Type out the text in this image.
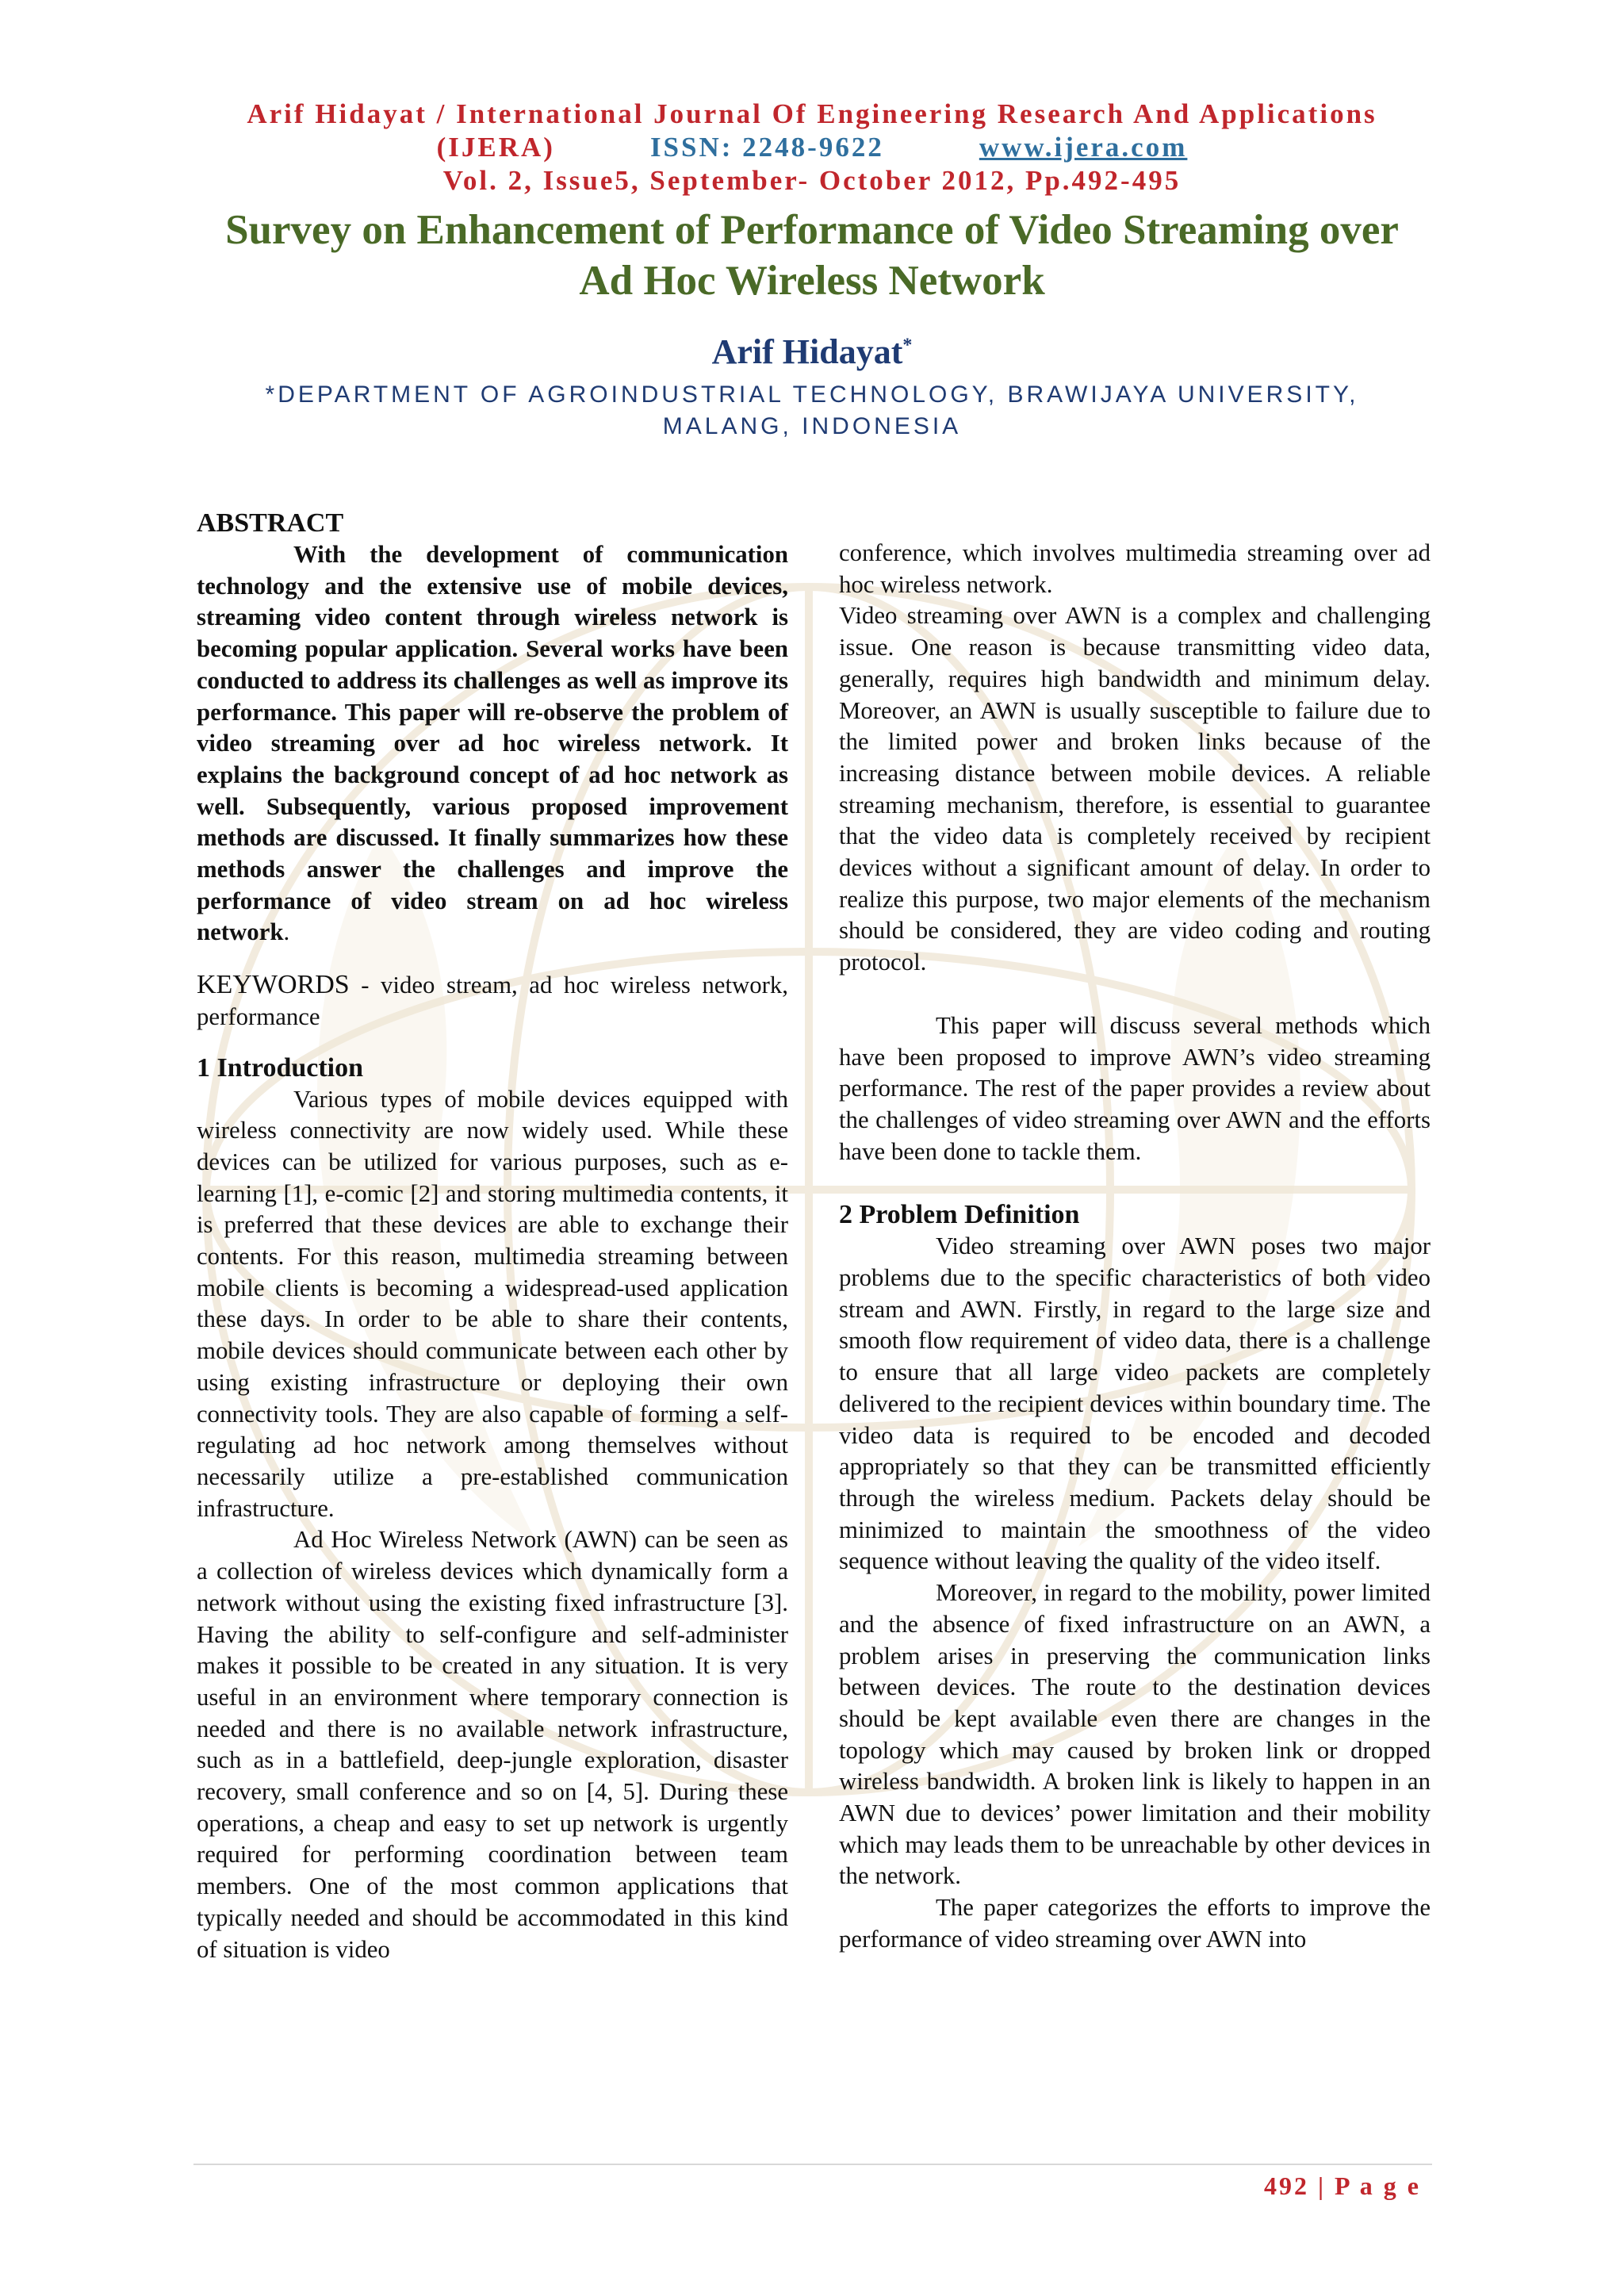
Arif Hidayat / International Journal Of Engineering Research And Applications
(IJERA)	ISSN: 2248-9622	www.ijera.com
Vol. 2, Issue5, September- October 2012, Pp.492-495
Survey on Enhancement of Performance of Video Streaming over
Ad Hoc Wireless Network
Arif Hidayat*
*DEPARTMENT OF AGROINDUSTRIAL TECHNOLOGY, BRAWIJAYA UNIVERSITY, MALANG, INDONESIA
ABSTRACT

With the development of communication technology and the extensive use of mobile devices, streaming video content through wireless network is becoming popular application. Several works have been conducted to address its challenges as well as improve its performance. This paper will re-observe the problem of video streaming over ad hoc wireless network. It explains the background concept of ad hoc network as well. Subsequently, various proposed improvement methods are discussed. It finally summarizes how these methods answer the challenges and improve the performance of video stream on ad hoc wireless network.

KEYWORDS - video stream, ad hoc wireless network, performance

1 Introduction

Various types of mobile devices equipped with wireless connectivity are now widely used. While these devices can be utilized for various purposes, such as e-learning [1], e-comic [2] and storing multimedia contents, it is preferred that these devices are able to exchange their contents. For this reason, multimedia streaming between mobile clients is becoming a widespread-used application these days. In order to be able to share their contents, mobile devices should communicate between each other by using existing infrastructure or deploying their own connectivity tools. They are also capable of forming a self-regulating ad hoc network among themselves without necessarily utilize a pre-established communication infrastructure.

Ad Hoc Wireless Network (AWN) can be seen as a collection of wireless devices which dynamically form a network without using the existing fixed infrastructure [3]. Having the ability to self-configure and self-administer makes it possible to be created in any situation. It is very useful in an environment where temporary connection is needed and there is no available network infrastructure, such as in a battlefield, deep-jungle exploration, disaster recovery, small conference and so on [4, 5]. During these operations, a cheap and easy to set up network is urgently required for performing coordination between team members. One of the most common applications that typically needed and should be accommodated in this kind of situation is video

conference, which involves multimedia streaming over ad hoc wireless network.

Video streaming over AWN is a complex and challenging issue. One reason is because transmitting video data, generally, requires high bandwidth and minimum delay. Moreover, an AWN is usually susceptible to failure due to the limited power and broken links because of the increasing distance between mobile devices. A reliable streaming mechanism, therefore, is essential to guarantee that the video data is completely received by recipient devices without a significant amount of delay. In order to realize this purpose, two major elements of the mechanism should be considered, they are video coding and routing protocol.

This paper will discuss several methods which have been proposed to improve AWN’s video streaming performance. The rest of the paper provides a review about the challenges of video streaming over AWN and the efforts have been done to tackle them.

2 Problem Definition

Video streaming over AWN poses two major problems due to the specific characteristics of both video stream and AWN. Firstly, in regard to the large size and smooth flow requirement of video data, there is a challenge to ensure that all large video packets are completely delivered to the recipient devices within boundary time. The video data is required to be encoded and decoded appropriately so that they can be transmitted efficiently through the wireless medium. Packets delay should be minimized to maintain the smoothness of the video sequence without leaving the quality of the video itself.

Moreover, in regard to the mobility, power limited and the absence of fixed infrastructure on an AWN, a problem arises in preserving the communication links between devices. The route to the destination devices should be kept available even there are changes in the topology which may caused by broken link or dropped wireless bandwidth. A broken link is likely to happen in an AWN due to devices’ power limitation and their mobility which may leads them to be unreachable by other devices in the network.

The paper categorizes the efforts to improve the performance of video streaming over AWN into

492 | P a g e
